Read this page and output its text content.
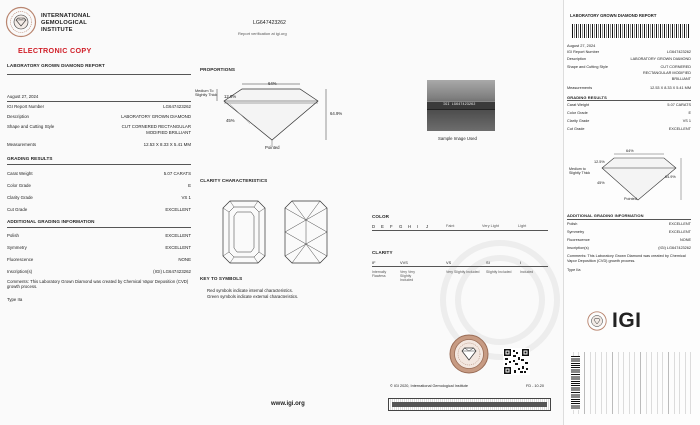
INTERNATIONAL
GEMOLOGICAL
INSTITUTE
ELECTRONIC COPY
LABORATORY GROWN DIAMOND REPORT
August 27, 2024
IGI Report Number	LG647423262
Description	LABORATORY GROWN DIAMOND
Shape and Cutting Style	CUT CORNERED RECTANGULAR
MODIFIED BRILLIANT
Measurements	12.53 X 8.33 X 5.41 MM
GRADING RESULTS
Carat Weight	5.07 CARATS
Color Grade	E
Clarity Grade	VS 1
Cut Grade	EXCELLENT
ADDITIONAL GRADING INFORMATION
Polish	EXCELLENT
Symmetry	EXCELLENT
Fluorescence	NONE
Inscription(s)	(IGI) LG647423262
Comments: This Laboratory Grown Diamond was created by Chemical Vapor Deposition (CVD) growth process.
Type IIa
LG647423262
Report verification at igi.org
PROPORTIONS
64%
12.5%
45%
64.9%
Medium To Slightly Thick
Pointed
CLARITY CHARACTERISTICS
KEY TO SYMBOLS
Red symbols indicate internal characteristics.
Green symbols indicate external characteristics.
www.igi.org
IGI LG647423262
Sample Image Used
COLOR
D E F G H I J	Faint	Very Light	Light
CLARITY
IF	VVS	VS	SI	I
Internally Flawless
Very Very Slightly Included
Very Slightly Included Slightly Included	Included
© IGI 2020, International Gemological Institute	FD - 10.20
LABORATORY GROWN DIAMOND REPORT
August 27, 2024
IGI Report Number	LG647423262
Description	LABORATORY GROWN DIAMOND
Shape and Cutting Style	CUT CORNERED
RECTANGULAR MODIFIED
BRILLIANT
Measurements	12.53 X 8.33 X 5.41 MM
GRADING RESULTS
Carat Weight	5.07 CARATS
Color Grade	E
Clarity Grade	VS 1
Cut Grade	EXCELLENT
64%
12.5%
Medium to Slightly Thick
45%
64.9%
Pointed
ADDITIONAL GRADING INFORMATION
Polish	EXCELLENT
Symmetry	EXCELLENT
Fluorescence	NONE
Inscription(s)	(IGI) LG647423262
Comments: This Laboratory Grown Diamond was created by Chemical Vapor Deposition (CVD) growth process.
Type IIa
IGI
